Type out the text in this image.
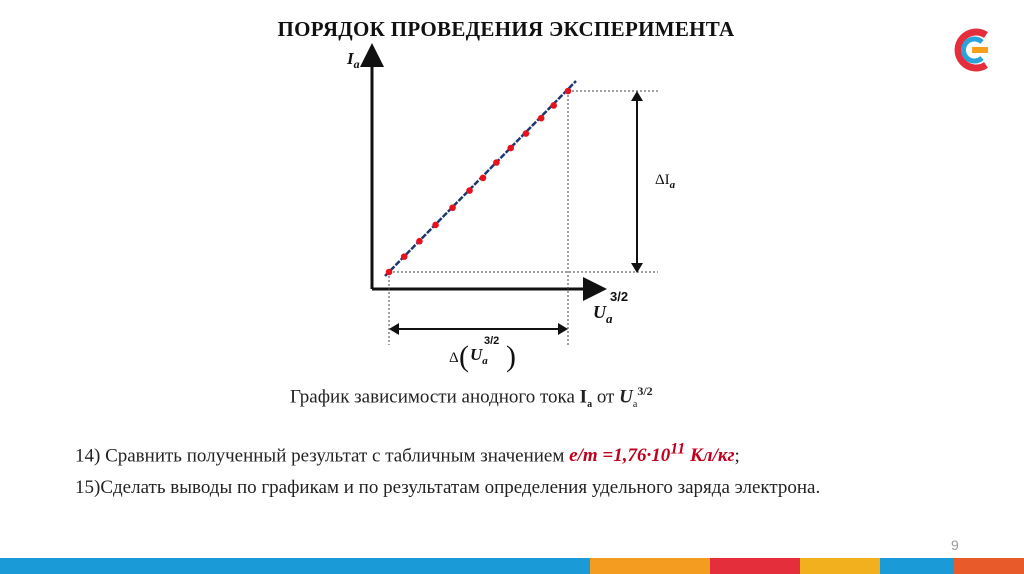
ПОРЯДОК ПРОВЕДЕНИЯ ЭКСПЕРИМЕНТА
$I_a$
$U_a$
3/2
$\Delta I_a$
Δ ( $U_a$
3/2 )
График зависимости анодного тока $I_a$ от $U_a^{3/2}$
14) Сравнить полученный результат с табличным значением $e/m =1,76\cdot 10^{11}$ Кл/кг;
15)Сделать выводы по графикам и по результатам определения удельного заряда электрона.
9
